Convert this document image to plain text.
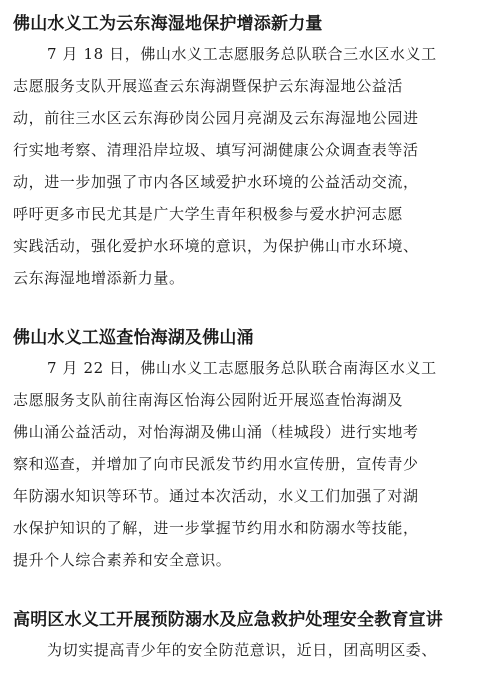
佛山水义工为云东海湿地保护增添新力量
7 月 18 日，佛山水义工志愿服务总队联合三水区水义工
志愿服务支队开展巡查云东海湖暨保护云东海湿地公益活
动，前往三水区云东海砂岗公园月亮湖及云东海湿地公园进
行实地考察、清理沿岸垃圾、填写河湖健康公众调查表等活
动，进一步加强了市内各区域爱护水环境的公益活动交流，
呼吁更多市民尤其是广大学生青年积极参与爱水护河志愿
实践活动，强化爱护水环境的意识，为保护佛山市水环境、
云东海湿地增添新力量。
佛山水义工巡查怡海湖及佛山涌
7 月 22 日，佛山水义工志愿服务总队联合南海区水义工
志愿服务支队前往南海区怡海公园附近开展巡查怡海湖及
佛山涌公益活动，对怡海湖及佛山涌（桂城段）进行实地考
察和巡查，并增加了向市民派发节约用水宣传册，宣传青少
年防溺水知识等环节。通过本次活动，水义工们加强了对湖
水保护知识的了解，进一步掌握节约用水和防溺水等技能，
提升个人综合素养和安全意识。
高明区水义工开展预防溺水及应急救护处理安全教育宣讲
为切实提高青少年的安全防范意识，近日，团高明区委、
